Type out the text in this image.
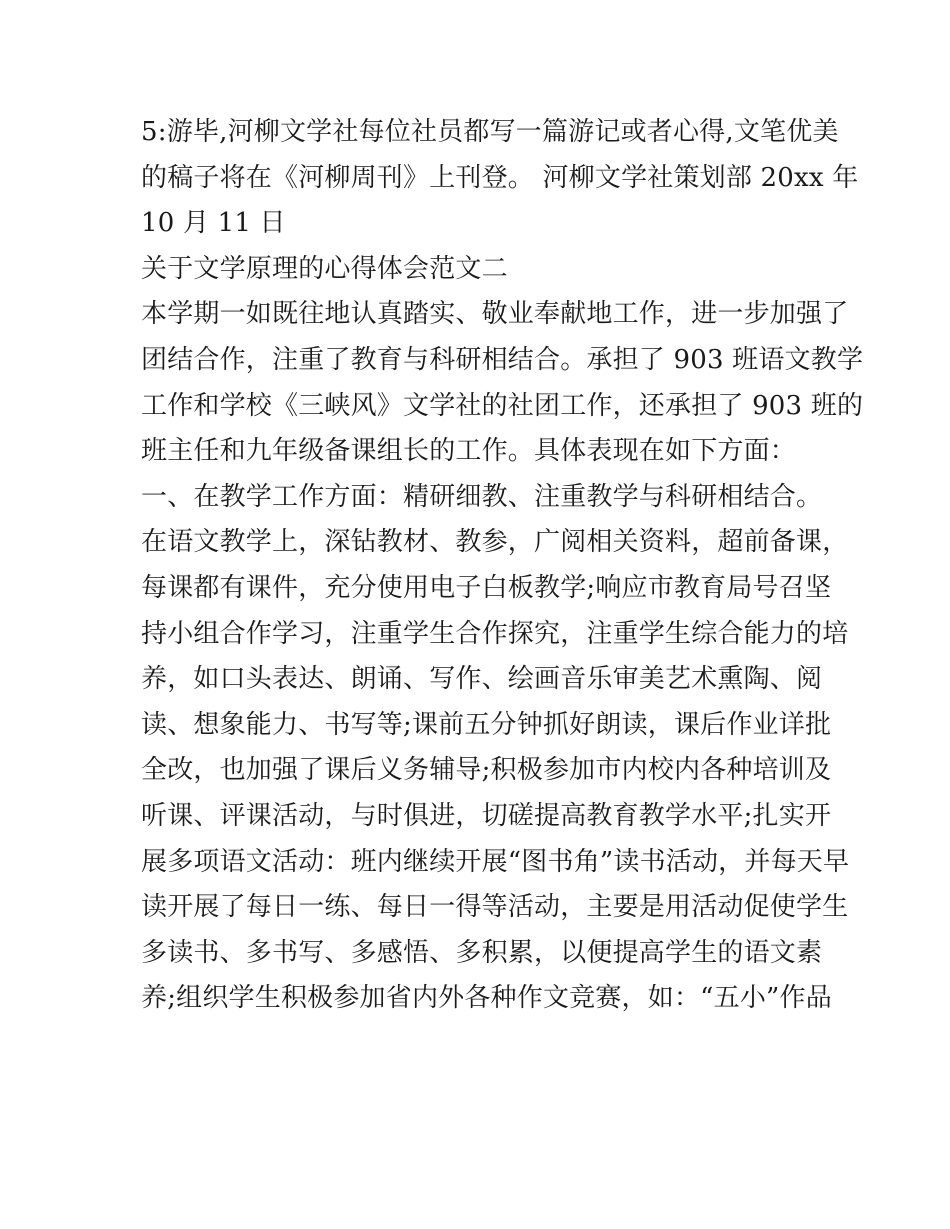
5:游毕,河柳文学社每位社员都写一篇游记或者心得,文笔优美
的稿子将在《河柳周刊》上刊登。 河柳文学社策划部 20xx 年
10 月 11 日
关于文学原理的心得体会范文二
本学期一如既往地认真踏实、敬业奉献地工作，进一步加强了
团结合作，注重了教育与科研相结合。承担了 903 班语文教学
工作和学校《三峡风》文学社的社团工作，还承担了 903 班的
班主任和九年级备课组长的工作。具体表现在如下方面：
一、在教学工作方面：精研细教、注重教学与科研相结合。
在语文教学上，深钻教材、教参，广阅相关资料，超前备课，
每课都有课件，充分使用电子白板教学;响应市教育局号召坚
持小组合作学习，注重学生合作探究，注重学生综合能力的培
养，如口头表达、朗诵、写作、绘画音乐审美艺术熏陶、阅
读、想象能力、书写等;课前五分钟抓好朗读，课后作业详批
全改，也加强了课后义务辅导;积极参加市内校内各种培训及
听课、评课活动，与时俱进，切磋提高教育教学水平;扎实开
展多项语文活动：班内继续开展“图书角”读书活动，并每天早
读开展了每日一练、每日一得等活动，主要是用活动促使学生
多读书、多书写、多感悟、多积累，以便提高学生的语文素
养;组织学生积极参加省内外各种作文竞赛，如：“五小”作品
